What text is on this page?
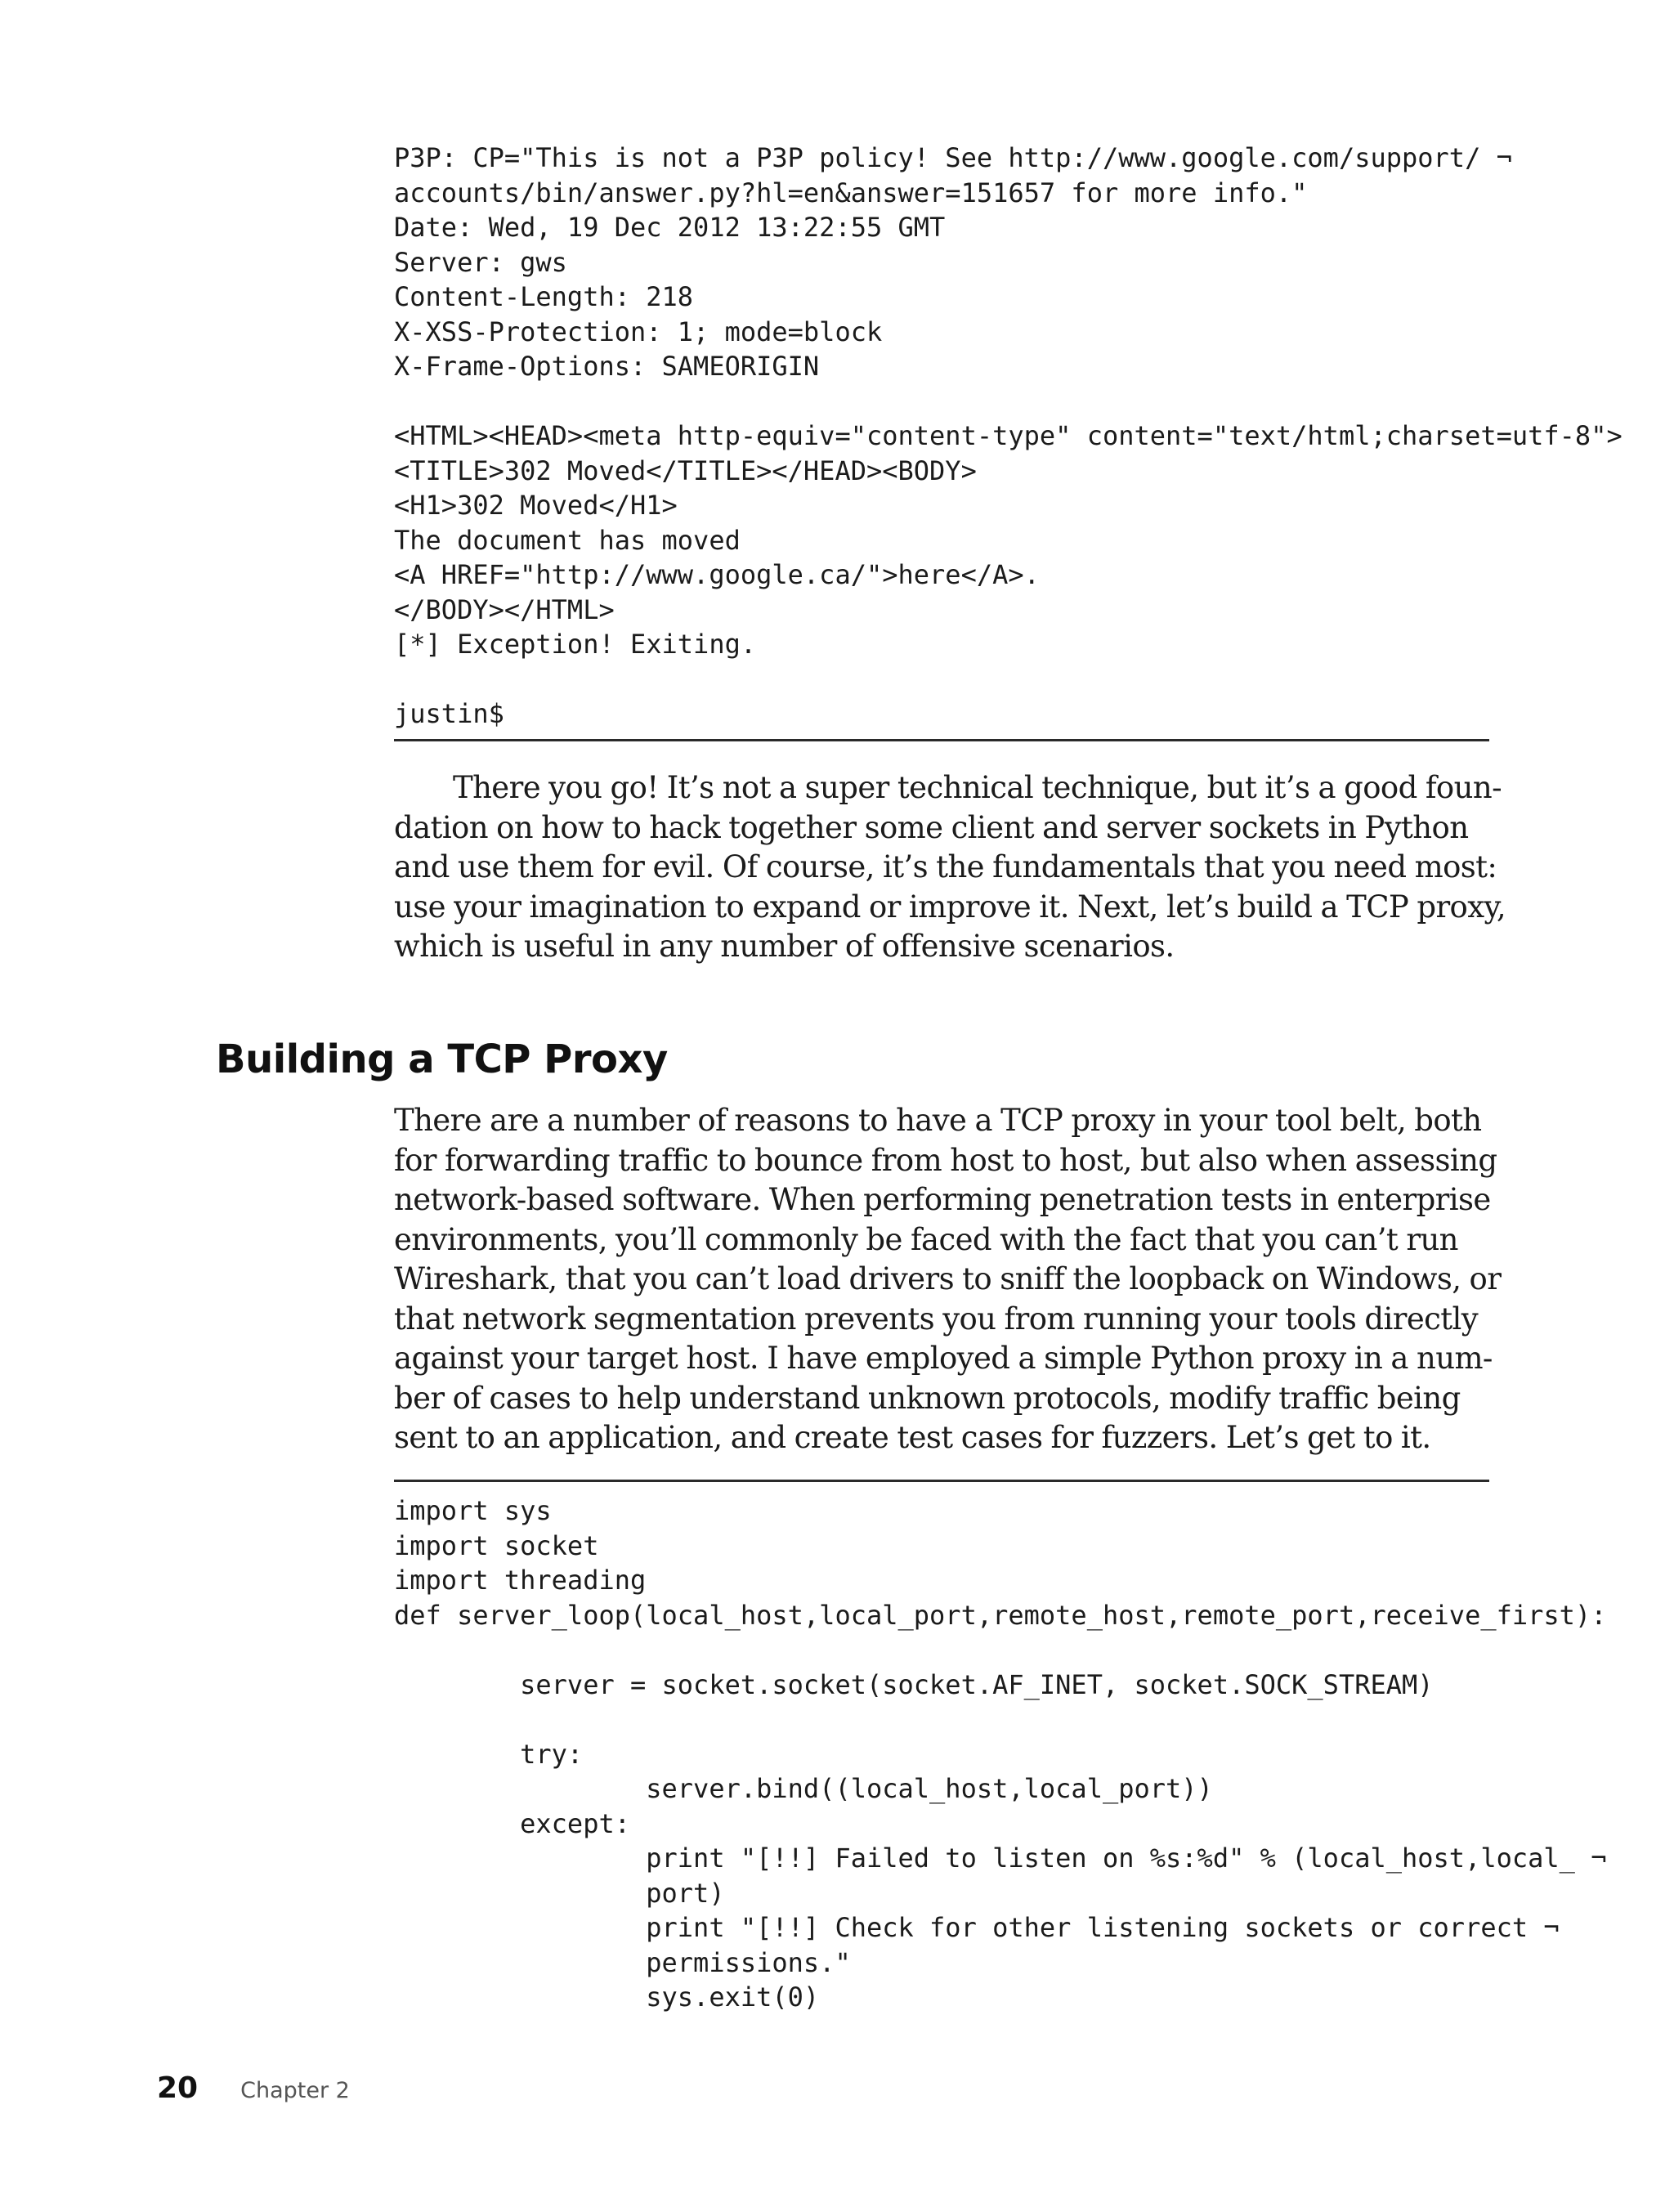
P3P: CP="This is not a P3P policy! See http://www.google.com/support/ ¬
accounts/bin/answer.py?hl=en&answer=151657 for more info."
Date: Wed, 19 Dec 2012 13:22:55 GMT
Server: gws
Content-Length: 218
X-XSS-Protection: 1; mode=block
X-Frame-Options: SAMEORIGIN
<HTML><HEAD><meta http-equiv="content-type" content="text/html;charset=utf-8">
<TITLE>302 Moved</TITLE></HEAD><BODY>
<H1>302 Moved</H1>
The document has moved
<A HREF="http://www.google.ca/">here</A>.
</BODY></HTML>
[*] Exception! Exiting.
justin$

There you go! It’s not a super technical technique, but it’s a good foun-
dation on how to hack together some client and server sockets in Python
and use them for evil. Of course, it’s the fundamentals that you need most:
use your imagination to expand or improve it. Next, let’s build a TCP proxy,
which is useful in any number of offensive scenarios.

Building a TCP Proxy

There are a number of reasons to have a TCP proxy in your tool belt, both
for forwarding traffic to bounce from host to host, but also when assessing
network-based software. When performing penetration tests in enterprise
environments, you’ll commonly be faced with the fact that you can’t run
Wireshark, that you can’t load drivers to sniff the loopback on Windows, or
that network segmentation prevents you from running your tools directly
against your target host. I have employed a simple Python proxy in a num-
ber of cases to help understand unknown protocols, modify traffic being
sent to an application, and create test cases for fuzzers. Let’s get to it.

import sys
import socket
import threading
def server_loop(local_host,local_port,remote_host,remote_port,receive_first):
server = socket.socket(socket.AF_INET, socket.SOCK_STREAM)
try:
server.bind((local_host,local_port))
except:
print "[!!] Failed to listen on %s:%d" % (local_host,local_ ¬
port)
print "[!!] Check for other listening sockets or correct ¬
permissions."
sys.exit(0)
20 Chapter 2
